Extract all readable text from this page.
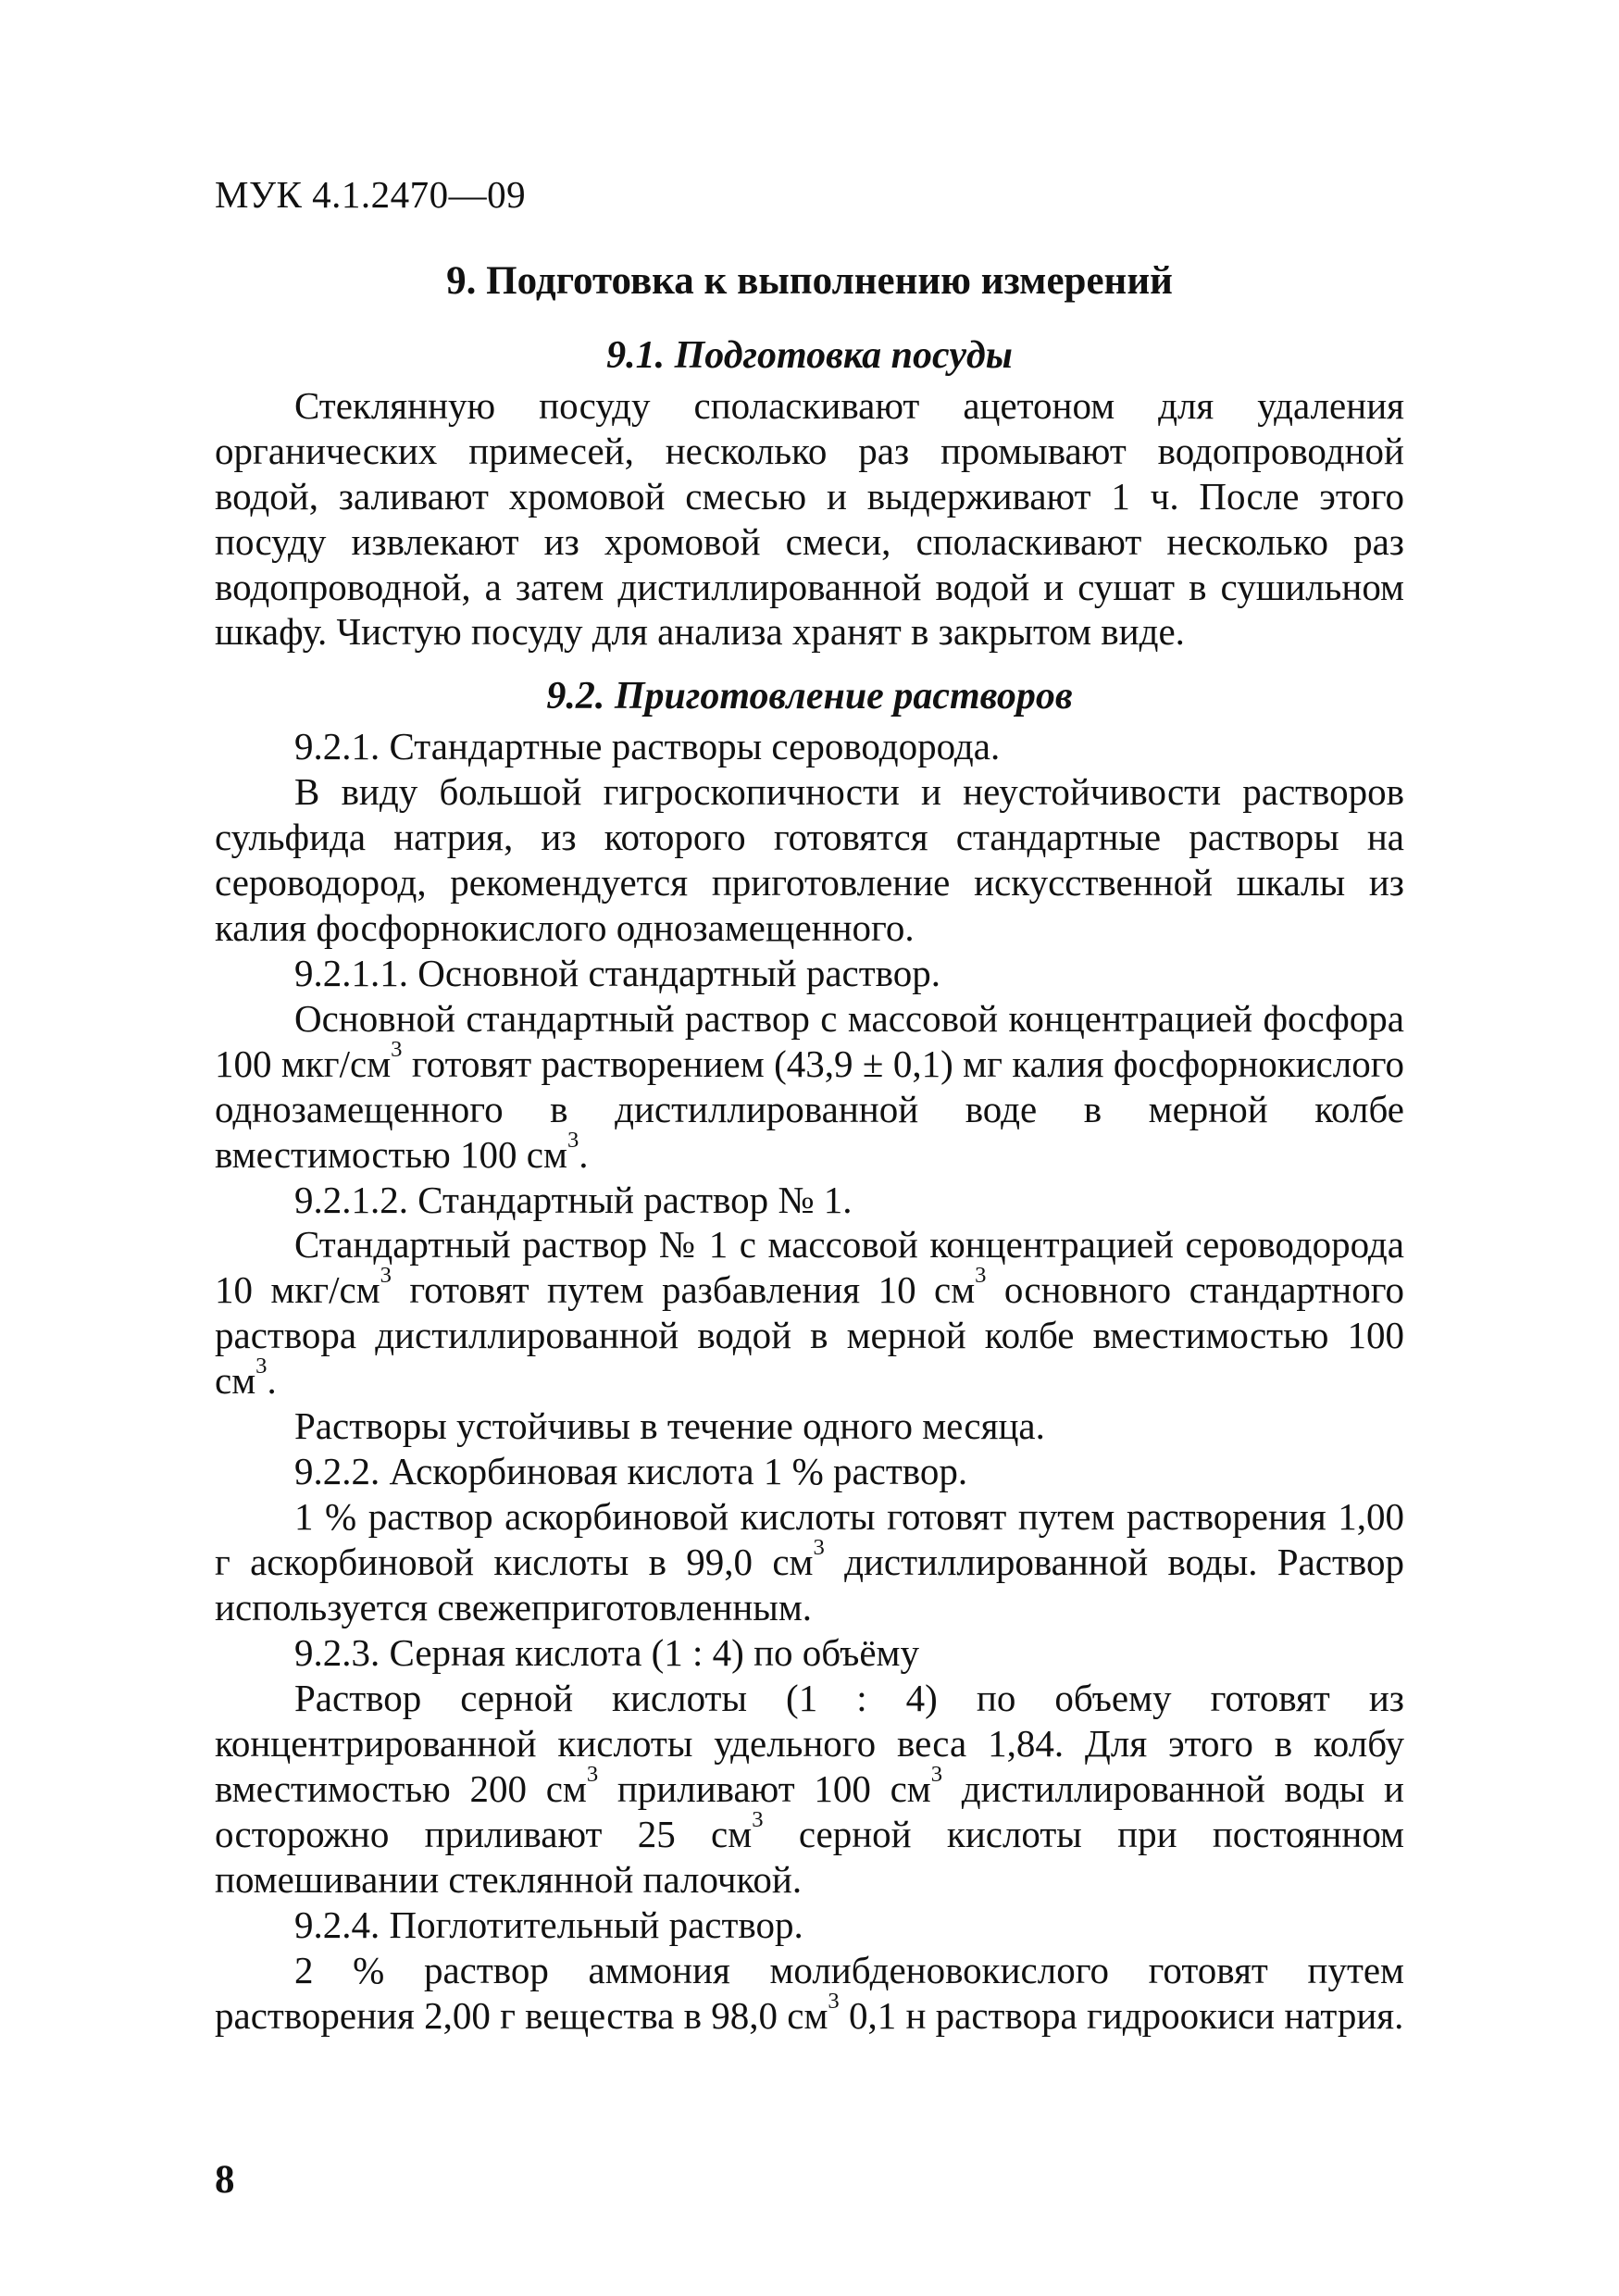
МУК 4.1.2470—09
9. Подготовка к выполнению измерений
9.1. Подготовка посуды

Стеклянную посуду споласкивают ацетоном для удаления органических примесей, несколько раз промывают водопроводной водой, заливают хромовой смесью и выдерживают 1 ч. После этого посуду извлекают из хромовой смеси, споласкивают несколько раз водопроводной, а затем дистиллированной водой и сушат в сушильном шкафу. Чистую посуду для анализа хранят в закрытом виде.

9.2. Приготовление растворов

9.2.1. Стандартные растворы сероводорода.

В виду большой гигроскопичности и неустойчивости растворов сульфида натрия, из которого готовятся стандартные растворы на сероводород, рекомендуется приготовление искусственной шкалы из калия фосфорнокислого однозамещенного.

9.2.1.1. Основной стандартный раствор.

Основной стандартный раствор с массовой концентрацией фосфора 100 мкг/$см^3$ готовят растворением (43,9 ± 0,1) мг калия фосфорнокислого однозамещенного в дистиллированной воде в мерной колбе вместимостью 100 $см^3$.

9.2.1.2. Стандартный раствор № 1.

Стандартный раствор № 1 с массовой концентрацией сероводорода 10 мкг/$см^3$ готовят путем разбавления 10 $см^3$ основного стандартного раствора дистиллированной водой в мерной колбе вместимостью 100 $см^3$.

Растворы устойчивы в течение одного месяца.

9.2.2. Аскорбиновая кислота 1 % раствор.

1 % раствор аскорбиновой кислоты готовят путем растворения 1,00 г аскорбиновой кислоты в 99,0 $см^3$ дистиллированной воды. Раствор используется свежеприготовленным.

9.2.3. Серная кислота (1 : 4) по объёму

Раствор серной кислоты (1 : 4) по объему готовят из концентрированной кислоты удельного веса 1,84. Для этого в колбу вместимостью 200 $см^3$ приливают 100 $см^3$ дистиллированной воды и осторожно приливают 25 $см^3$ серной кислоты при постоянном помешивании стеклянной палочкой.

9.2.4. Поглотительный раствор.

2 % раствор аммония молибденовокислого готовят путем растворения 2,00 г вещества в 98,0 $см^3$ 0,1 н раствора гидроокиси натрия.

8
